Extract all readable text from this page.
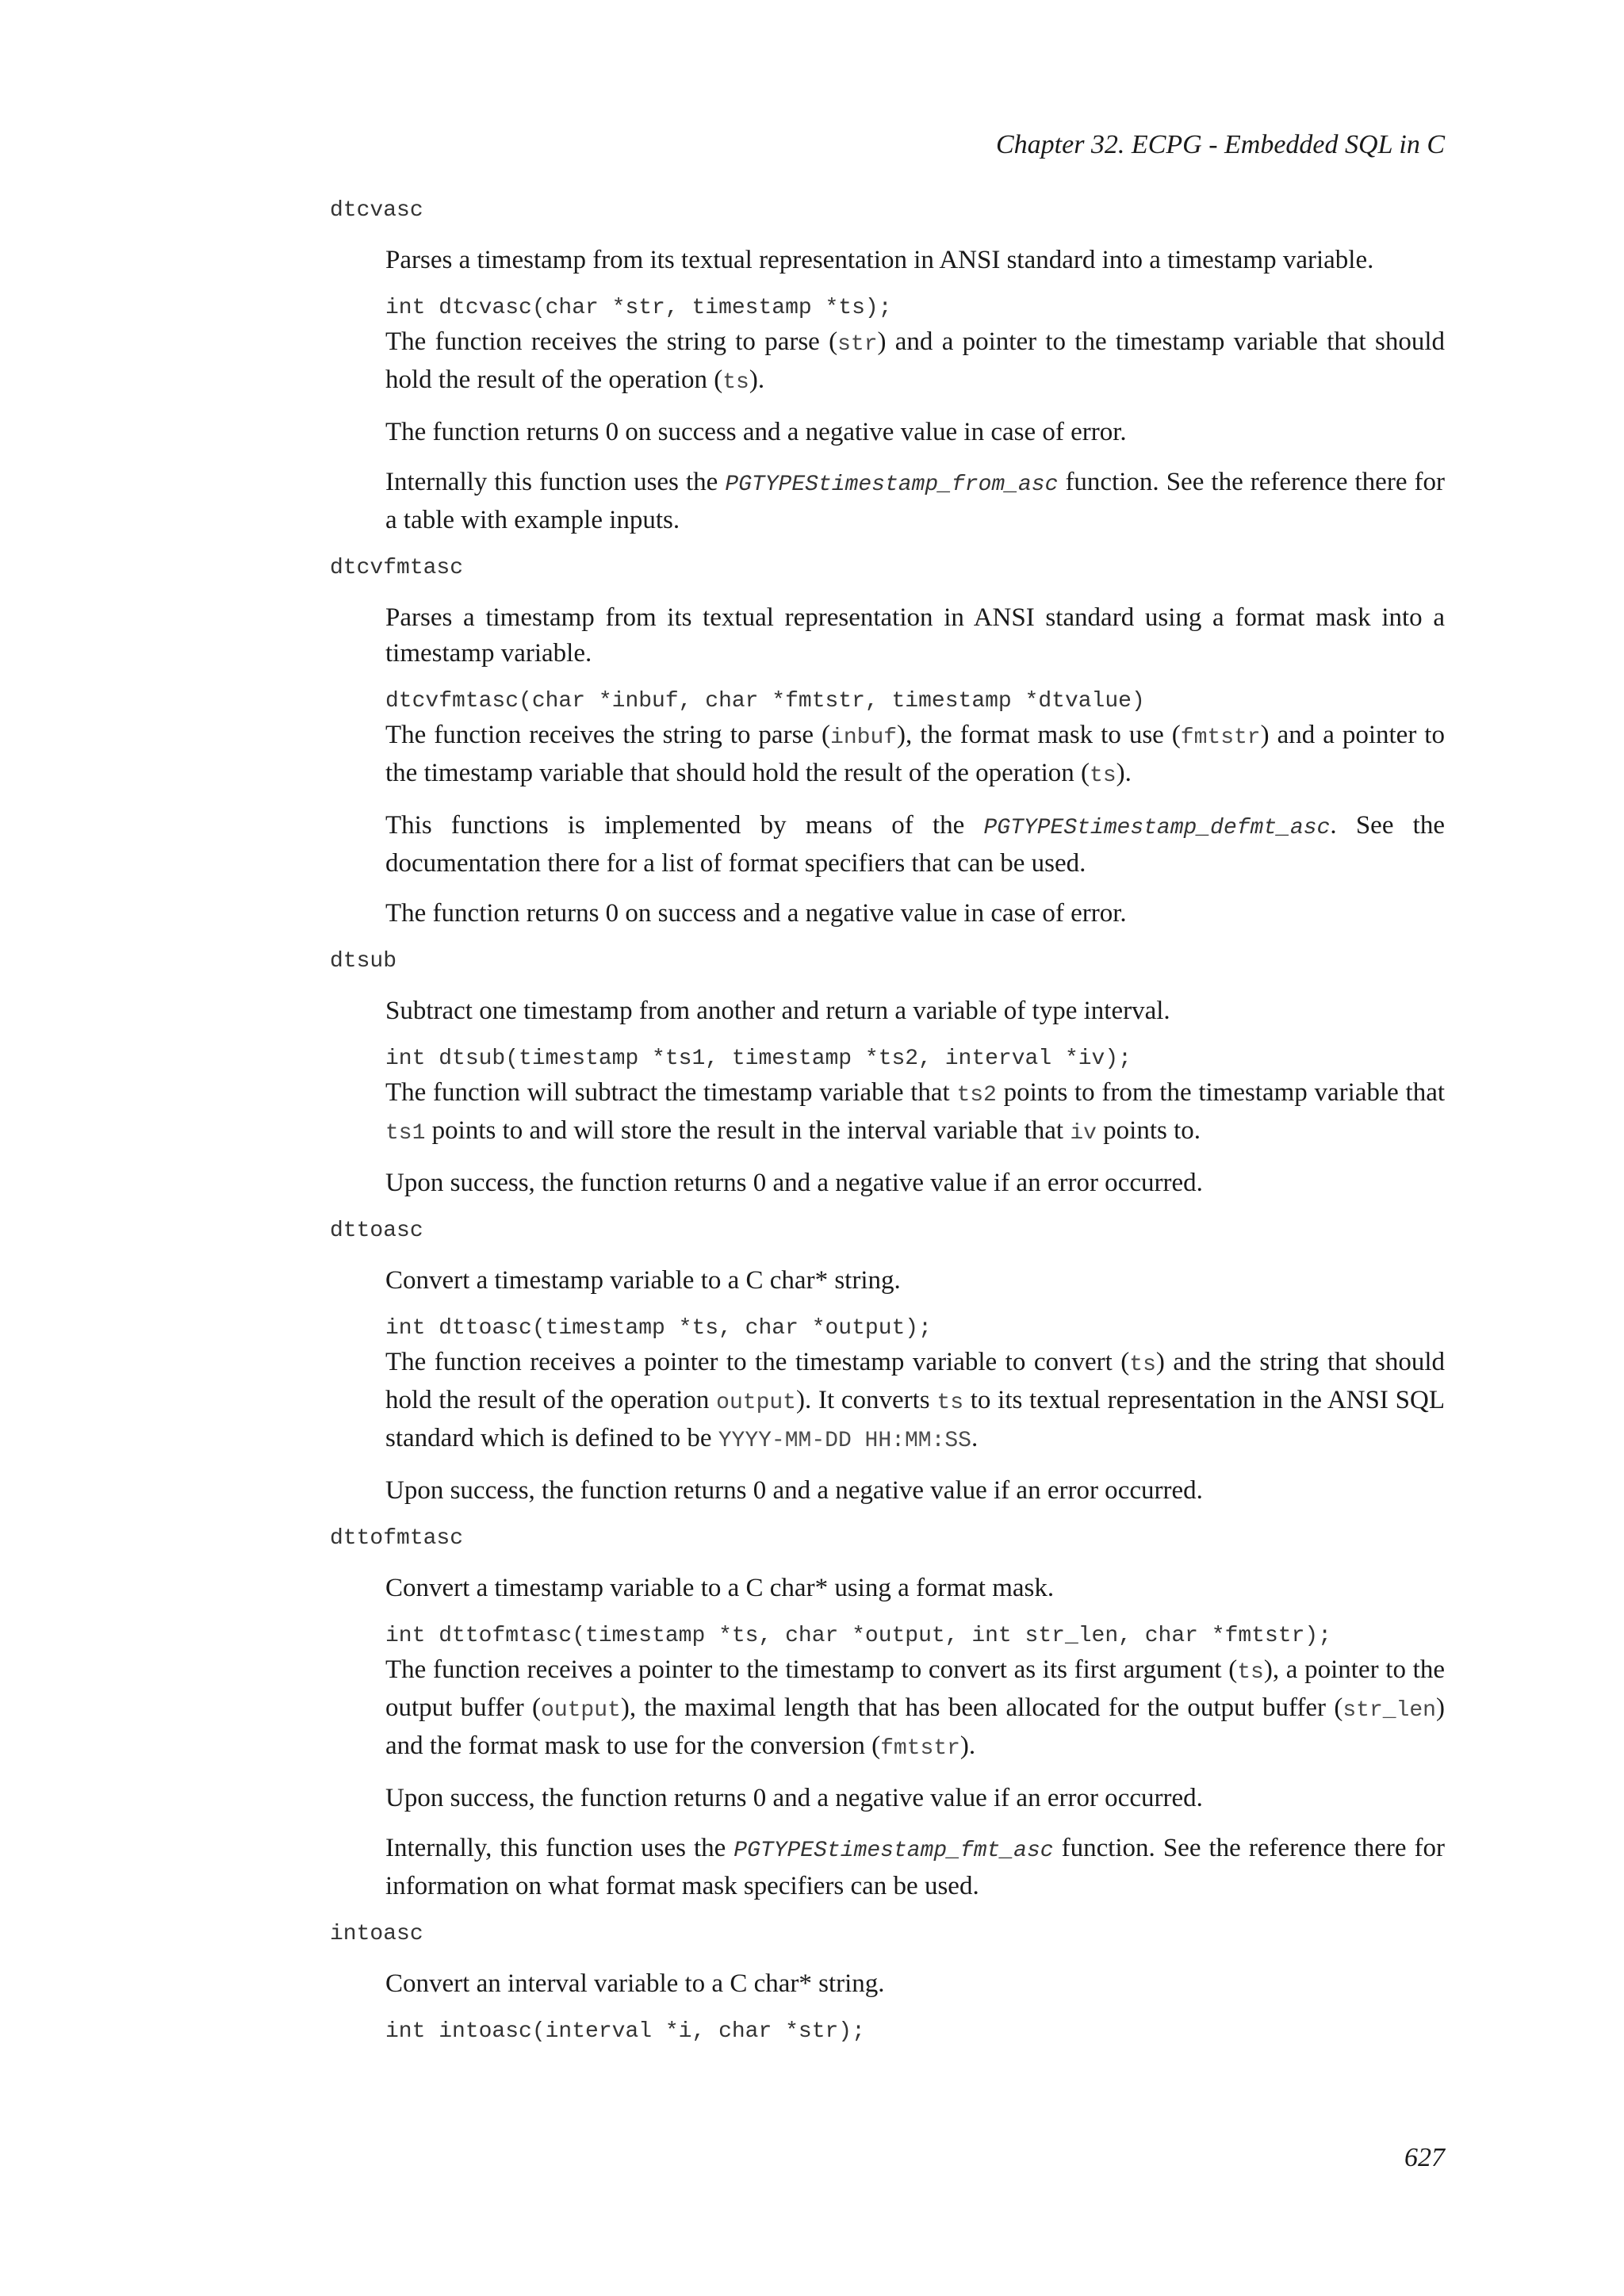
Chapter 32. ECPG - Embedded SQL in C
dtcvasc

Parses a timestamp from its textual representation in ANSI standard into a timestamp variable.

int dtcvasc(char *str, timestamp *ts);

The function receives the string to parse (str) and a pointer to the timestamp variable that should hold the result of the operation (ts).

The function returns 0 on success and a negative value in case of error.

Internally this function uses the PGTYPEStimestamp_from_asc function. See the reference there for a table with example inputs.

dtcvfmtasc

Parses a timestamp from its textual representation in ANSI standard using a format mask into a timestamp variable.

dtcvfmtasc(char *inbuf, char *fmtstr, timestamp *dtvalue)

The function receives the string to parse (inbuf), the format mask to use (fmtstr) and a pointer to the timestamp variable that should hold the result of the operation (ts).

This functions is implemented by means of the PGTYPEStimestamp_defmt_asc. See the documentation there for a list of format specifiers that can be used.

The function returns 0 on success and a negative value in case of error.

dtsub

Subtract one timestamp from another and return a variable of type interval.

int dtsub(timestamp *ts1, timestamp *ts2, interval *iv);

The function will subtract the timestamp variable that ts2 points to from the timestamp variable that ts1 points to and will store the result in the interval variable that iv points to.

Upon success, the function returns 0 and a negative value if an error occurred.

dttoasc

Convert a timestamp variable to a C char* string.

int dttoasc(timestamp *ts, char *output);

The function receives a pointer to the timestamp variable to convert (ts) and the string that should hold the result of the operation output). It converts ts to its textual representation in the ANSI SQL standard which is defined to be YYYY-MM-DD HH:MM:SS.

Upon success, the function returns 0 and a negative value if an error occurred.

dttofmtasc

Convert a timestamp variable to a C char* using a format mask.

int dttofmtasc(timestamp *ts, char *output, int str_len, char *fmtstr);

The function receives a pointer to the timestamp to convert as its first argument (ts), a pointer to the output buffer (output), the maximal length that has been allocated for the output buffer (str_len) and the format mask to use for the conversion (fmtstr).

Upon success, the function returns 0 and a negative value if an error occurred.

Internally, this function uses the PGTYPEStimestamp_fmt_asc function. See the reference there for information on what format mask specifiers can be used.

intoasc

Convert an interval variable to a C char* string.

int intoasc(interval *i, char *str);
627
